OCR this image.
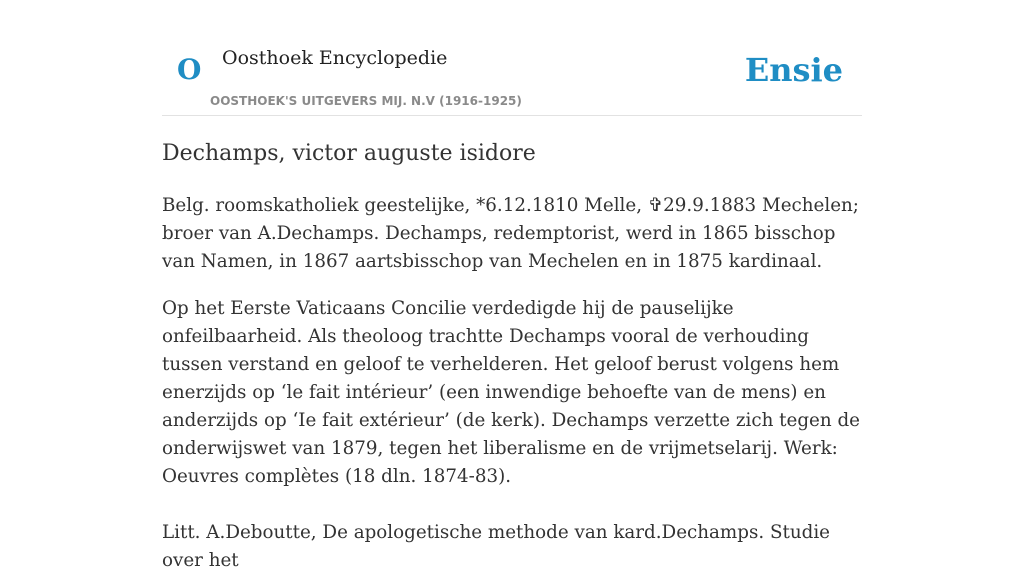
O Oosthoek Encyclopedie
OOSTHOEK'S UITGEVERS MIJ. N.V (1916-1925)
Ensie
Dechamps, victor auguste isidore

Belg. roomskatholiek geestelijke, *6.12.1810 Melle, ✞29.9.1883 Mechelen; broer van A.Dechamps. Dechamps, redemptorist, werd in 1865 bisschop van Namen, in 1867 aartsbisschop van Mechelen en in 1875 kardinaal.

Op het Eerste Vaticaans Concilie verdedigde hij de pauselijke onfeilbaarheid. Als theoloog trachtte Dechamps vooral de verhouding tussen verstand en geloof te verhelderen. Het geloof berust volgens hem enerzijds op ‘le fait intérieur’ (een inwendige behoefte van de mens) en anderzijds op ‘Ie fait extérieur’ (de kerk). Dechamps verzette zich tegen de onderwijswet van 1879, tegen het liberalisme en de vrijmetselarij. Werk: Oeuvres complètes (18 dln. 1874-83).

Litt. A.Deboutte, De apologetische methode van kard.Dechamps. Studie over het
